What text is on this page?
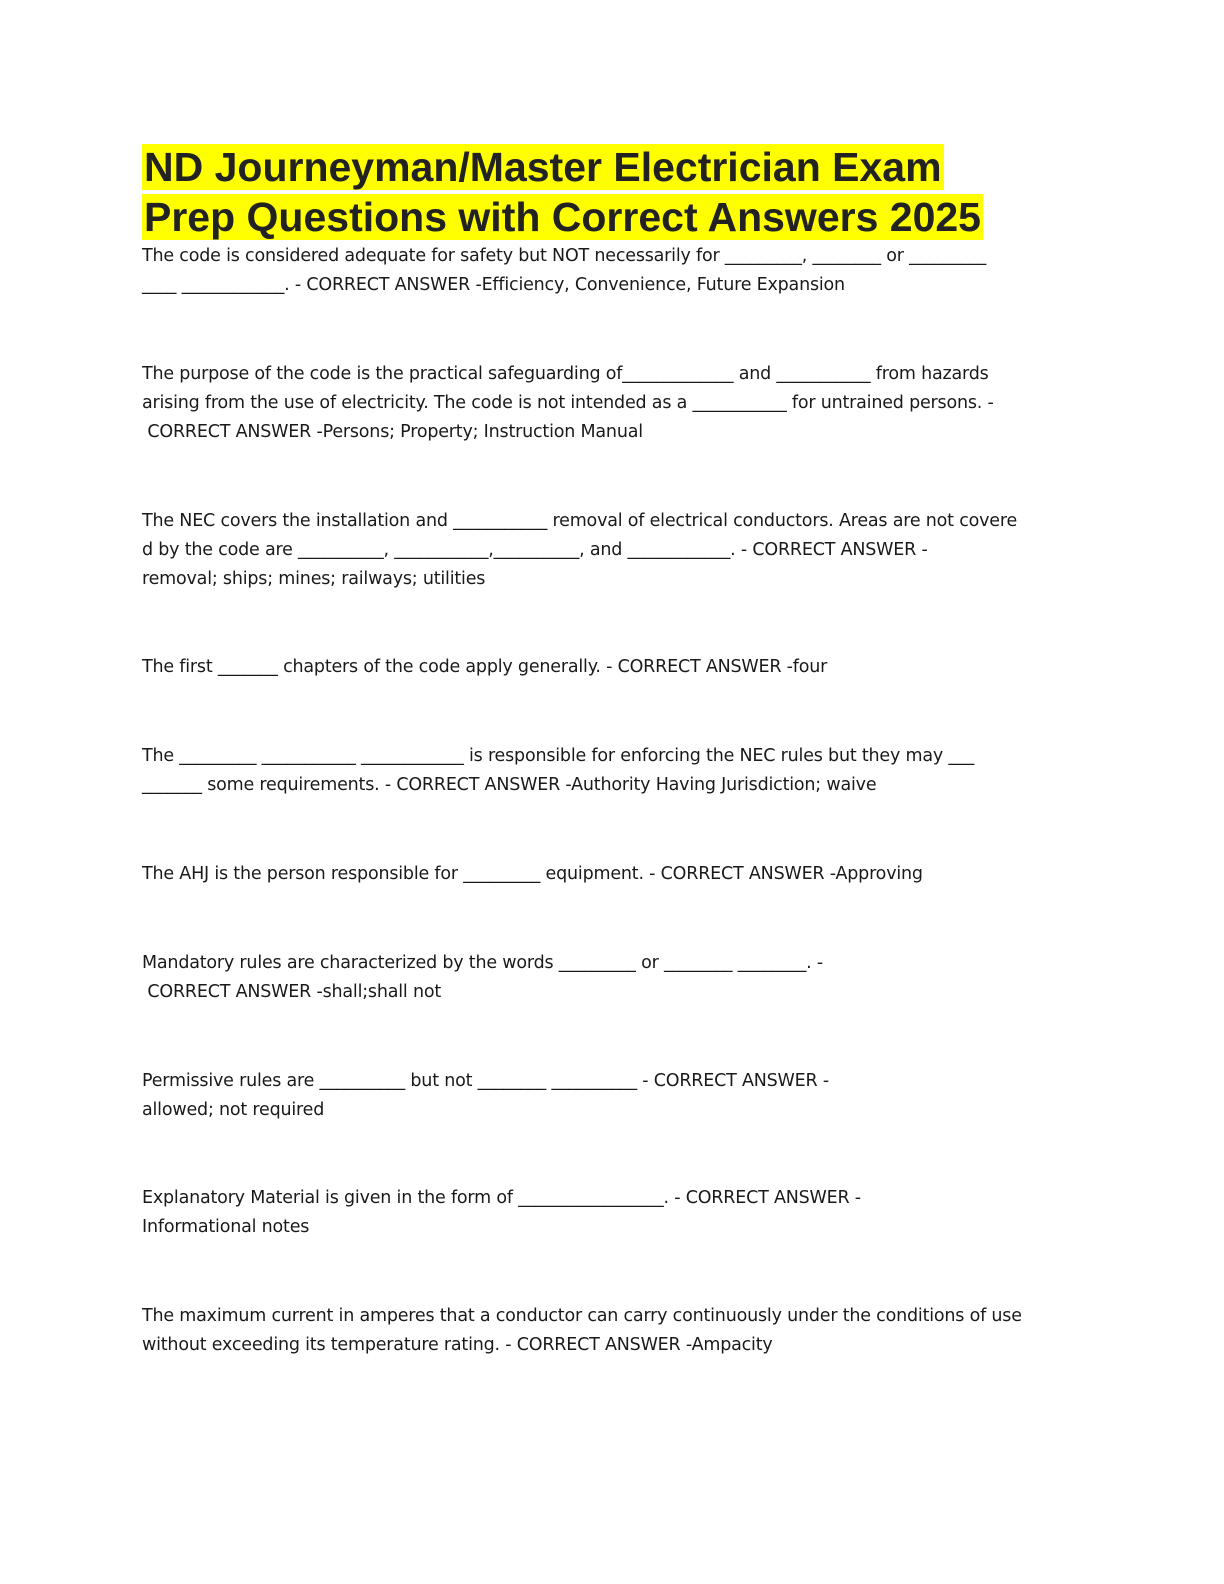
ND Journeyman/Master Electrician Exam
Prep Questions with Correct Answers 2025

The code is considered adequate for safety but NOT necessarily for _________, ________ or _________
____ ____________. - CORRECT ANSWER -Efficiency, Convenience, Future Expansion

The purpose of the code is the practical safeguarding of_____________ and ___________ from hazards
arising from the use of electricity. The code is not intended as a ___________ for untrained persons. -
CORRECT ANSWER -Persons; Property; Instruction Manual

The NEC covers the installation and ___________ removal of electrical conductors. Areas are not covere
d by the code are __________, ___________,__________, and ____________. - CORRECT ANSWER -
removal; ships; mines; railways; utilities

The first _______ chapters of the code apply generally. - CORRECT ANSWER -four

The _________ ___________ ____________ is responsible for enforcing the NEC rules but they may ___
_______ some requirements. - CORRECT ANSWER -Authority Having Jurisdiction; waive

The AHJ is the person responsible for _________ equipment. - CORRECT ANSWER -Approving

Mandatory rules are characterized by the words _________ or ________ ________. -
CORRECT ANSWER -shall;shall not

Permissive rules are __________ but not ________ __________ - CORRECT ANSWER -
allowed; not required

Explanatory Material is given in the form of _________________. - CORRECT ANSWER -
Informational notes

The maximum current in amperes that a conductor can carry continuously under the conditions of use
without exceeding its temperature rating. - CORRECT ANSWER -Ampacity
